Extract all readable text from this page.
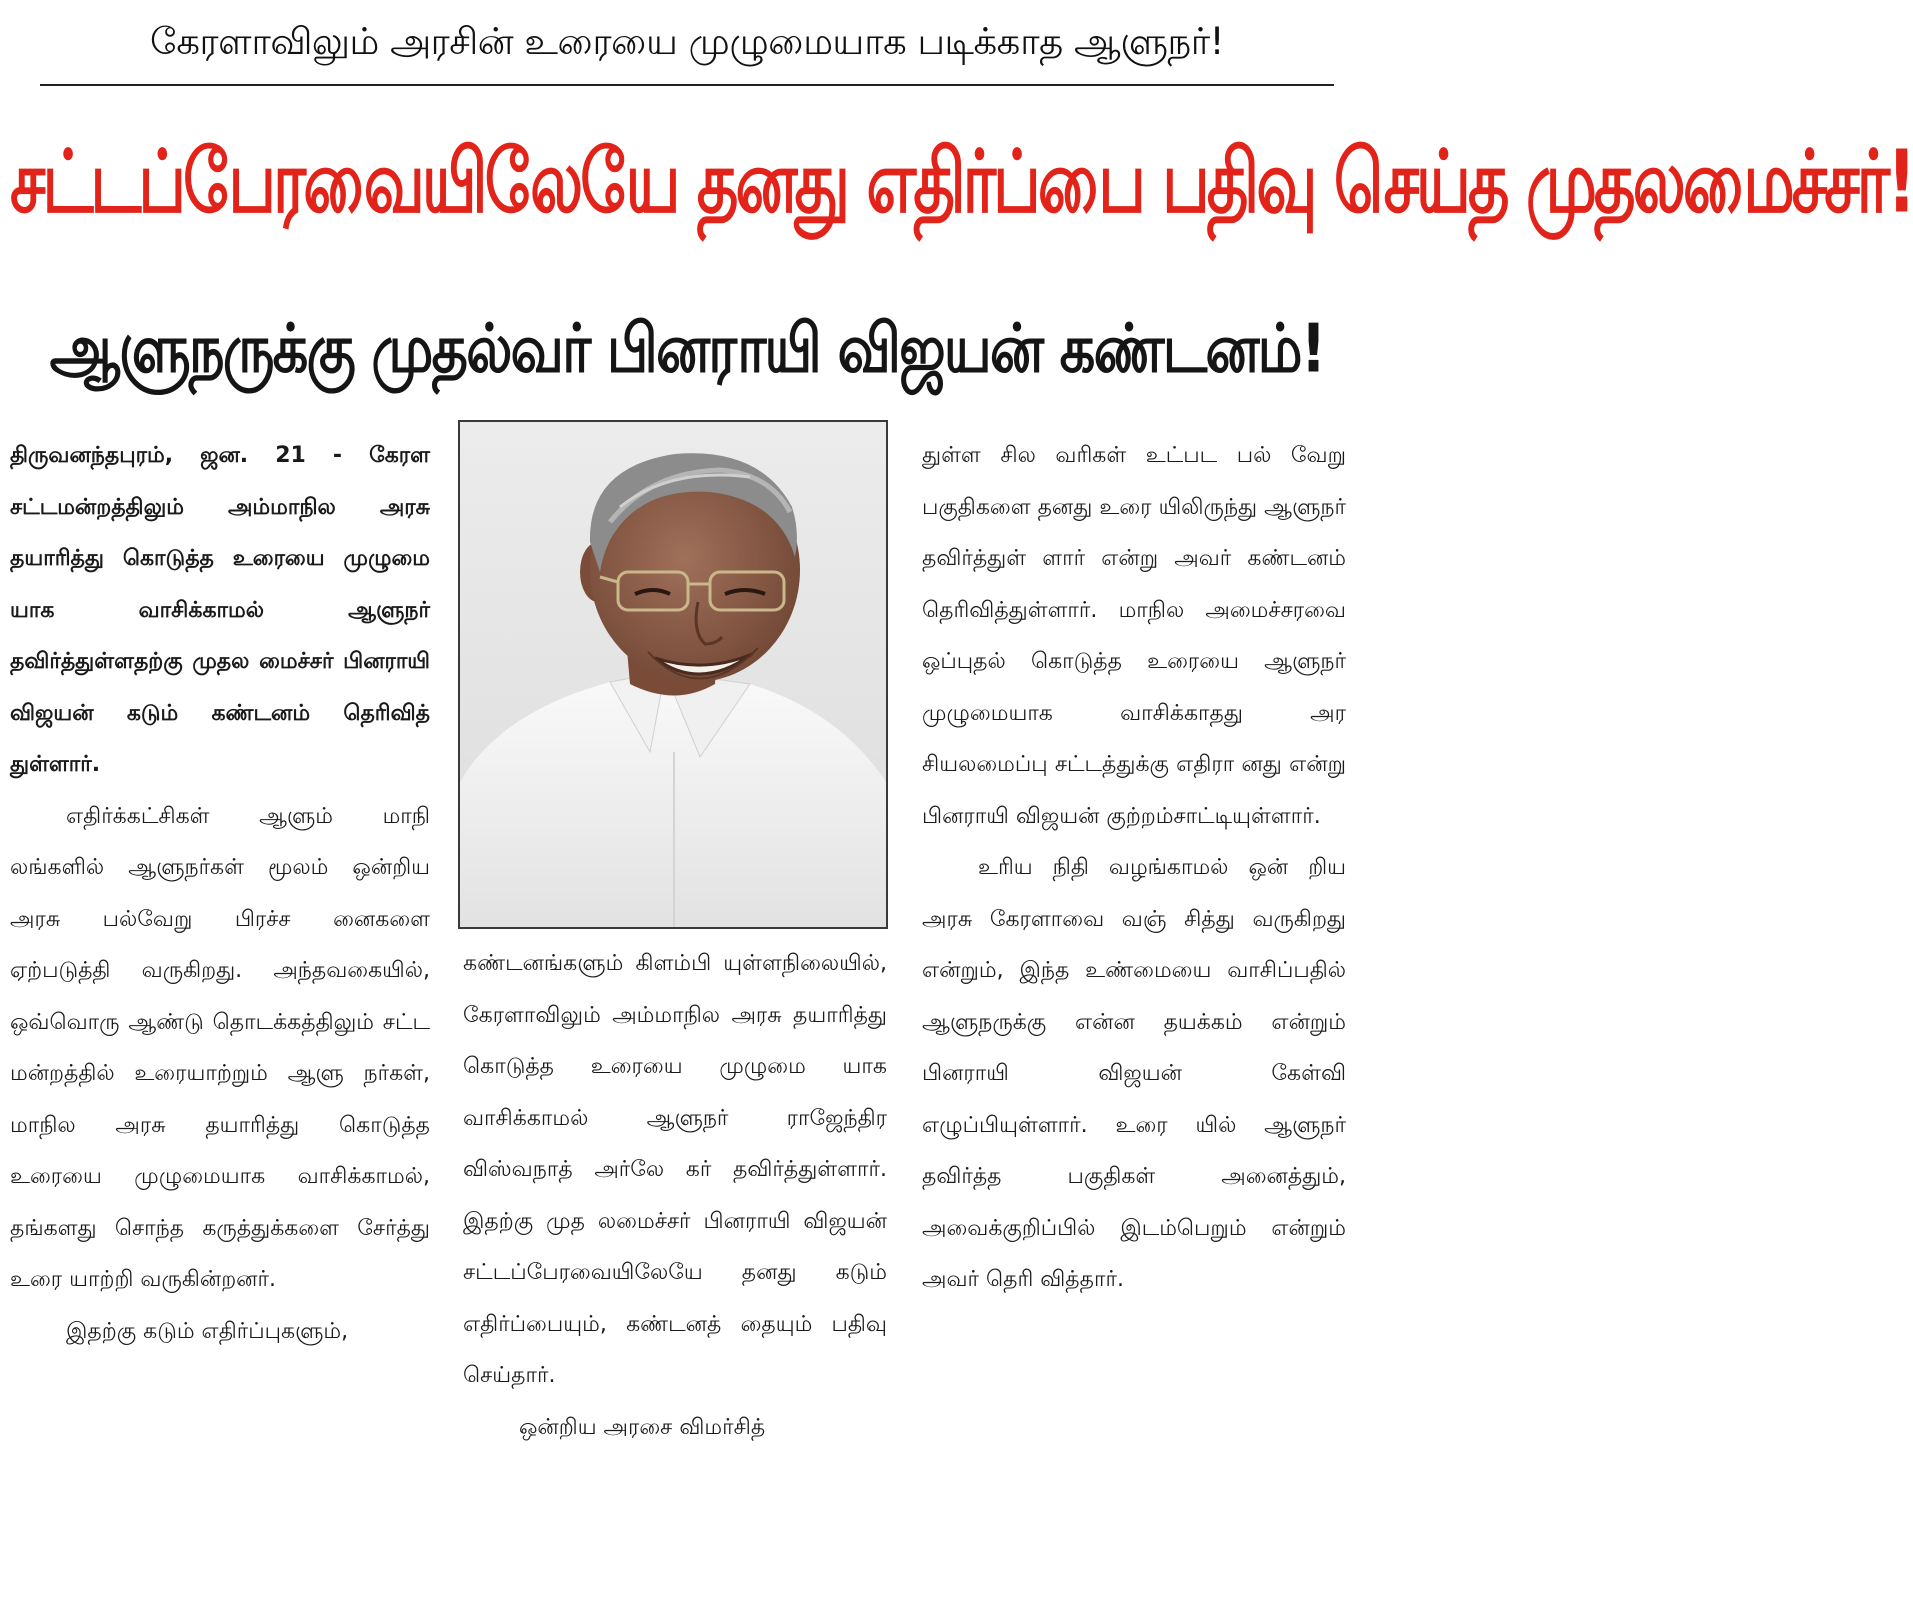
கேரளாவிலும் அரசின் உரையை முழுமையாக படிக்காத ஆளுநர்!
சட்டப்பேரவையிலேயே தனது எதிர்ப்பை பதிவு செய்த முதலமைச்சர்!
ஆளுநருக்கு முதல்வர் பினராயி விஜயன் கண்டனம்!

திருவனந்தபுரம், ஜன. 21 - கேரள சட்டமன்றத்திலும் அம்மாநில அரசு தயாரித்து கொடுத்த உரையை முழுமை யாக வாசிக்காமல் ஆளுநர் தவிர்த்துள்ளதற்கு முதல மைச்சர் பினராயி விஜயன் கடும் கண்டனம் தெரிவித் துள்ளார்.

எதிர்க்கட்சிகள் ஆளும் மாநி லங்களில் ஆளுநர்கள் மூலம் ஒன்றிய அரசு பல்வேறு பிரச்ச னைகளை ஏற்படுத்தி வருகிறது. அந்தவகையில், ஒவ்வொரு ஆண்டு தொடக்கத்திலும் சட்ட மன்றத்தில் உரையாற்றும் ஆளு நர்கள், மாநில அரசு தயாரித்து கொடுத்த உரையை முழுமையாக வாசிக்காமல், தங்களது சொந்த கருத்துக்களை சேர்த்து உரை யாற்றி வருகின்றனர்.

இதற்கு கடும் எதிர்ப்புகளும்,

கண்டனங்களும் கிளம்பி யுள்ளநிலையில், கேரளாவிலும் அம்மாநில அரசு தயாரித்து கொடுத்த உரையை முழுமை யாக வாசிக்காமல் ஆளுநர் ராஜேந்திர விஸ்வநாத் அர்லே கர் தவிர்த்துள்ளார். இதற்கு முத லமைச்சர் பினராயி விஜயன் சட்டப்பேரவையிலேயே தனது கடும் எதிர்ப்பையும், கண்டனத் தையும் பதிவு செய்தார்.

ஒன்றிய அரசை விமர்சித்

துள்ள சில வரிகள் உட்பட பல் வேறு பகுதிகளை தனது உரை யிலிருந்து ஆளுநர் தவிர்த்துள் ளார் என்று அவர் கண்டனம் தெரிவித்துள்ளார். மாநில அமைச்சரவை ஒப்புதல் கொடுத்த உரையை ஆளுநர் முழுமையாக வாசிக்காதது அர சியலமைப்பு சட்டத்துக்கு எதிரா னது என்று பினராயி விஜயன் குற்றம்சாட்டியுள்ளார்.

உரிய நிதி வழங்காமல் ஒன் றிய அரசு கேரளாவை வஞ் சித்து வருகிறது என்றும், இந்த உண்மையை வாசிப்பதில் ஆளுநருக்கு என்ன தயக்கம் என்றும் பினராயி விஜயன் கேள்வி எழுப்பியுள்ளார். உரை யில் ஆளுநர் தவிர்த்த பகுதிகள் அனைத்தும், அவைக்குறிப்பில் இடம்பெறும் என்றும் அவர் தெரி வித்தார்.
